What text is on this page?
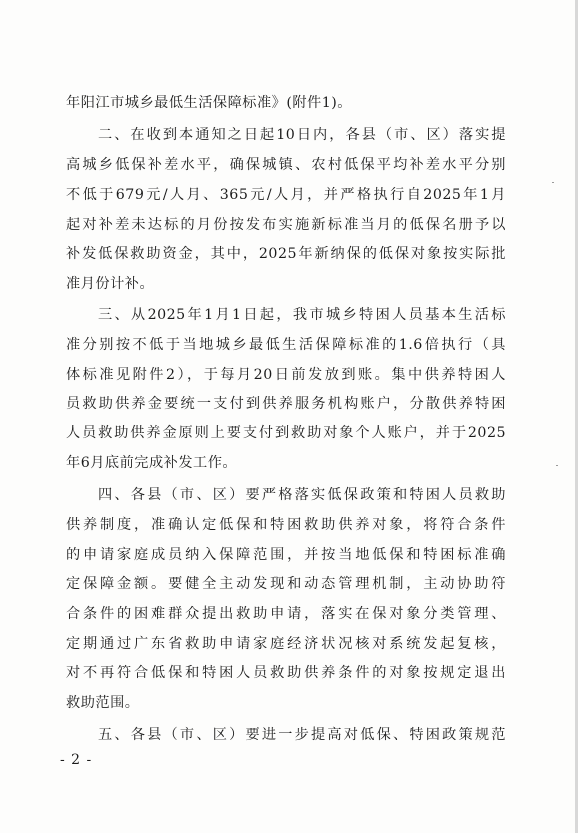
年阳江市城乡最低生活保障标准》(附件1)。
二、在收到本通知之日起10日内，各县（市、区）落实提
高城乡低保补差水平，确保城镇、农村低保平均补差水平分别
不低于679元/人月、365元/人月，并严格执行自2025年1月
起对补差未达标的月份按发布实施新标准当月的低保名册予以
补发低保救助资金，其中，2025年新纳保的低保对象按实际批
准月份计补。
三、从2025年1月1日起，我市城乡特困人员基本生活标
准分别按不低于当地城乡最低生活保障标准的1.6倍执行（具
体标准见附件2），于每月20日前发放到账。集中供养特困人
员救助供养金要统一支付到供养服务机构账户，分散供养特困
人员救助供养金原则上要支付到救助对象个人账户，并于2025
年6月底前完成补发工作。
四、各县（市、区）要严格落实低保政策和特困人员救助
供养制度，准确认定低保和特困救助供养对象，将符合条件
的申请家庭成员纳入保障范围，并按当地低保和特困标准确
定保障金额。要健全主动发现和动态管理机制，主动协助符
合条件的困难群众提出救助申请，落实在保对象分类管理、
定期通过广东省救助申请家庭经济状况核对系统发起复核，
对不再符合低保和特困人员救助供养条件的对象按规定退出
救助范围。
五、各县（市、区）要进一步提高对低保、特困政策规范
- 2 -
